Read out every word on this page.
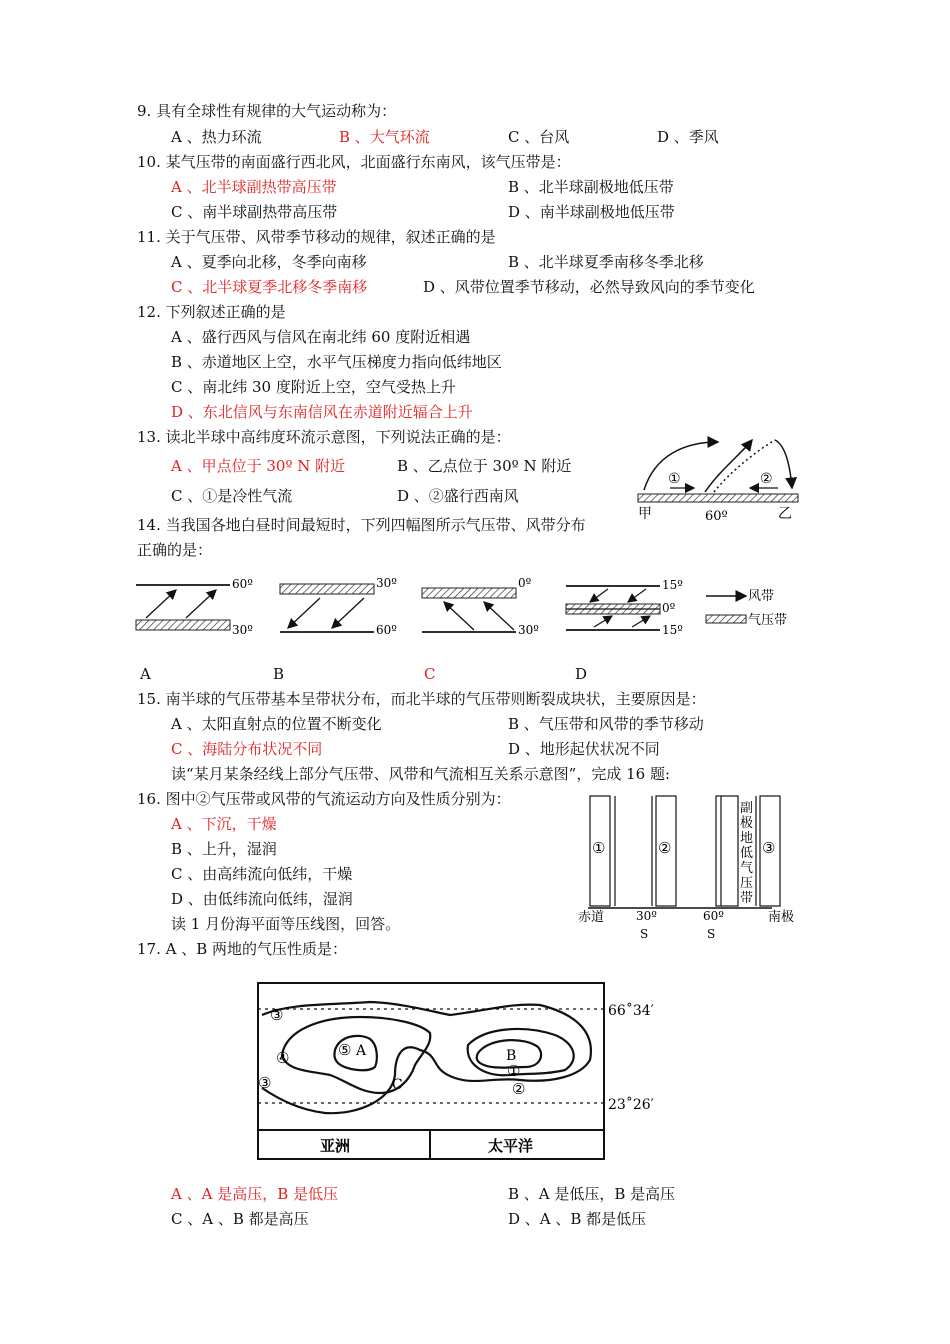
9. 具有全球性有规律的大气运动称为：
A 、热力环流	B 、大气环流	C 、台风	D 、季风
10. 某气压带的南面盛行西北风，北面盛行东南风，该气压带是：
A 、北半球副热带高压带	B 、北半球副极地低压带
C 、南半球副热带高压带	D 、南半球副极地低压带
11. 关于气压带、风带季节移动的规律，叙述正确的是
A 、夏季向北移，冬季向南移	B 、北半球夏季南移冬季北移
C 、北半球夏季北移冬季南移	D 、风带位置季节移动，必然导致风向的季节变化
12. 下列叙述正确的是
A 、盛行西风与信风在南北纬 60 度附近相遇
B 、赤道地区上空，水平气压梯度力指向低纬地区
C 、南北纬 30 度附近上空，空气受热上升
D 、东北信风与东南信风在赤道附近辐合上升
13. 读北半球中高纬度环流示意图，下列说法正确的是：
A 、甲点位于 30º N 附近	B 、乙点位于 30º N 附近
C 、①是冷性气流	D 、②盛行西南风
①	②
甲	60º	乙
14. 当我国各地白昼时间最短时，下列四幅图所示气压带、风带分布
正确的是：
60º
30º
30º
60º
0º
30º
15º
0º
15º
风带
气压带
A	B	C	D
15. 南半球的气压带基本呈带状分布，而北半球的气压带则断裂成块状，主要原因是：
A 、太阳直射点的位置不断变化	B 、气压带和风带的季节移动
C 、海陆分布状况不同	D 、地形起伏状况不同
读“某月某条经线上部分气压带、风带和气流相互关系示意图”，完成 16 题:
16. 图中②气压带或风带的气流运动方向及性质分别为：
A 、下沉，干燥
B 、上升，湿润
C 、由高纬流向低纬，干燥
D 、由低纬流向低纬，湿润
①	②	③
副
极
地
低
气
压
带
赤道	30º
S
60º
S
南极
读 1 月份海平面等压线图，回答。
17. A 、B 两地的气压性质是：
③
④	⑤ A
C
③
B
①
②
66˚34′
23˚26′
亚洲	太平洋
A 、A 是高压，B 是低压	B 、A 是低压，B 是高压
C 、A 、B 都是高压	D 、A 、B 都是低压
